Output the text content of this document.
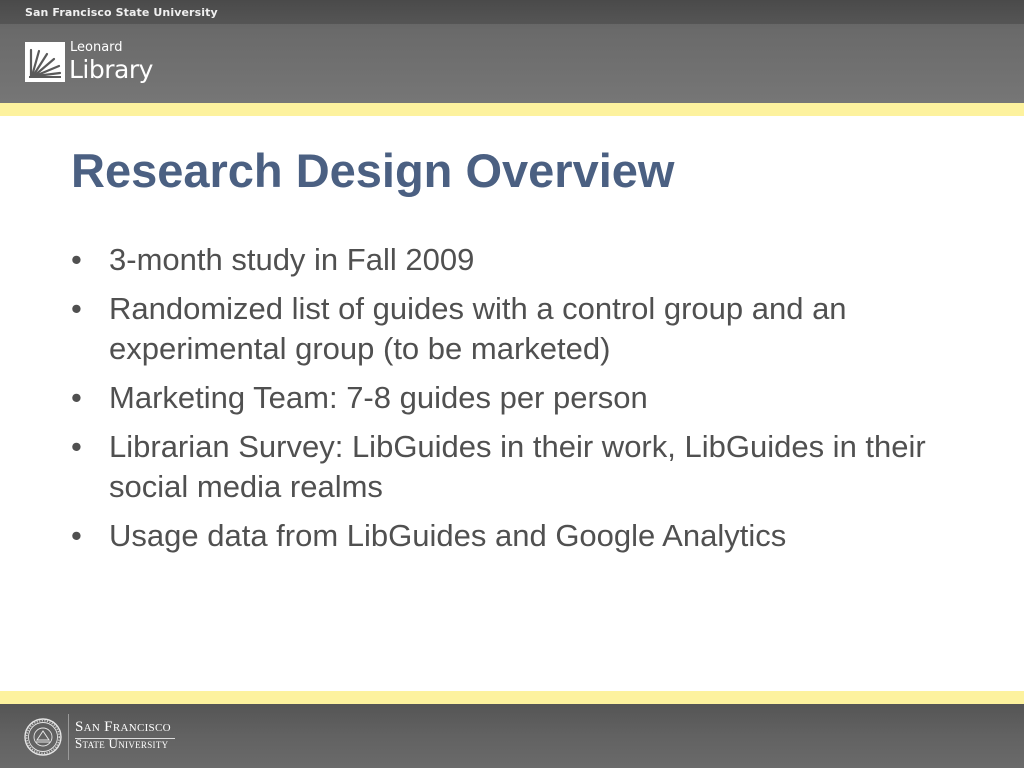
San Francisco State University
Leonard
Library
Research Design Overview
• 3-month study in Fall 2009
• Randomized list of guides with a control group and an experimental group (to be marketed)
• Marketing Team: 7-8 guides per person
• Librarian Survey: LibGuides in their work, LibGuides in their social media realms
• Usage data from LibGuides and Google Analytics
San Francisco
State University
